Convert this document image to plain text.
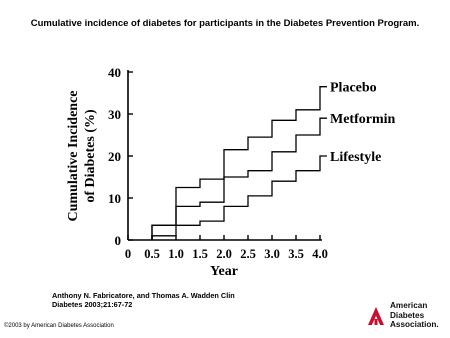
Cumulative incidence of diabetes for participants in the Diabetes Prevention Program.
0
10
20
30
40
0 0.5 1.0 1.5 2.0 2.5 3.0 3.5 4.0
Year
Cumulative Incidence of Diabetes (%)
Placebo
Metformin
Lifestyle
Anthony N. Fabricatore, and Thomas A. Wadden Clin
Diabetes 2003;21:67-72
©2003 by American Diabetes Association
American
Diabetes
Association.
